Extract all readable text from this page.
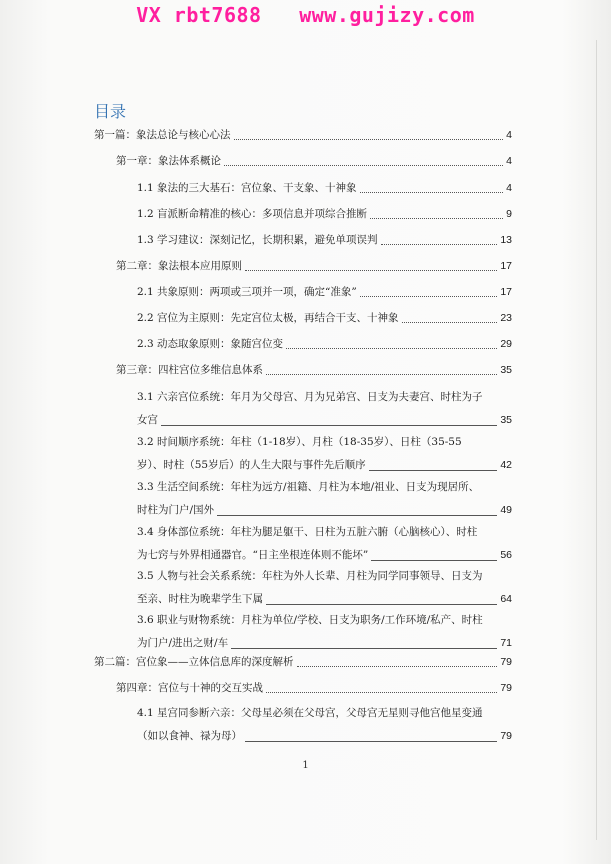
VX rbt7688   www.gujizy.com
目录
第一篇：象法总论与核心心法	4
第一章：象法体系概论	4
1.1 象法的三大基石：宫位象、干支象、十神象	4
1.2 盲派断命精准的核心：多项信息并项综合推断	9
1.3 学习建议：深刻记忆，长期积累，避免单项误判	13
第二章：象法根本应用原则	17
2.1 共象原则：两项或三项并一项，确定“准象”	17
2.2 宫位为主原则：先定宫位太极，再结合干支、十神象	23
2.3 动态取象原则：象随宫位变	29
第三章：四柱宫位多维信息体系	35
3.1 六亲宫位系统：年月为父母宫、月为兄弟宫、日支为夫妻宫、时柱为子
女宫	35
3.2 时间顺序系统：年柱（1-18岁）、月柱（18-35岁）、日柱（35-55
岁）、时柱（55岁后）的人生大限与事件先后顺序	42
3.3 生活空间系统：年柱为远方/祖籍、月柱为本地/祖业、日支为现居所、
时柱为门户/国外	49
3.4 身体部位系统：年柱为腿足躯干、日柱为五脏六腑（心脑核心）、时柱
为七窍与外界相通器官。“日主坐根连体则不能坏”	56
3.5 人物与社会关系系统：年柱为外人长辈、月柱为同学同事领导、日支为
至亲、时柱为晚辈学生下属	64
3.6 职业与财物系统：月柱为单位/学校、日支为职务/工作环境/私产、时柱
为门户/进出之财/车	71
第二篇：宫位象——立体信息库的深度解析	79
第四章：宫位与十神的交互实战	79
4.1 星宫同参断六亲：父母星必须在父母宫，父母宫无星则寻他宫他星变通
（如以食神、禄为母）	79
1
